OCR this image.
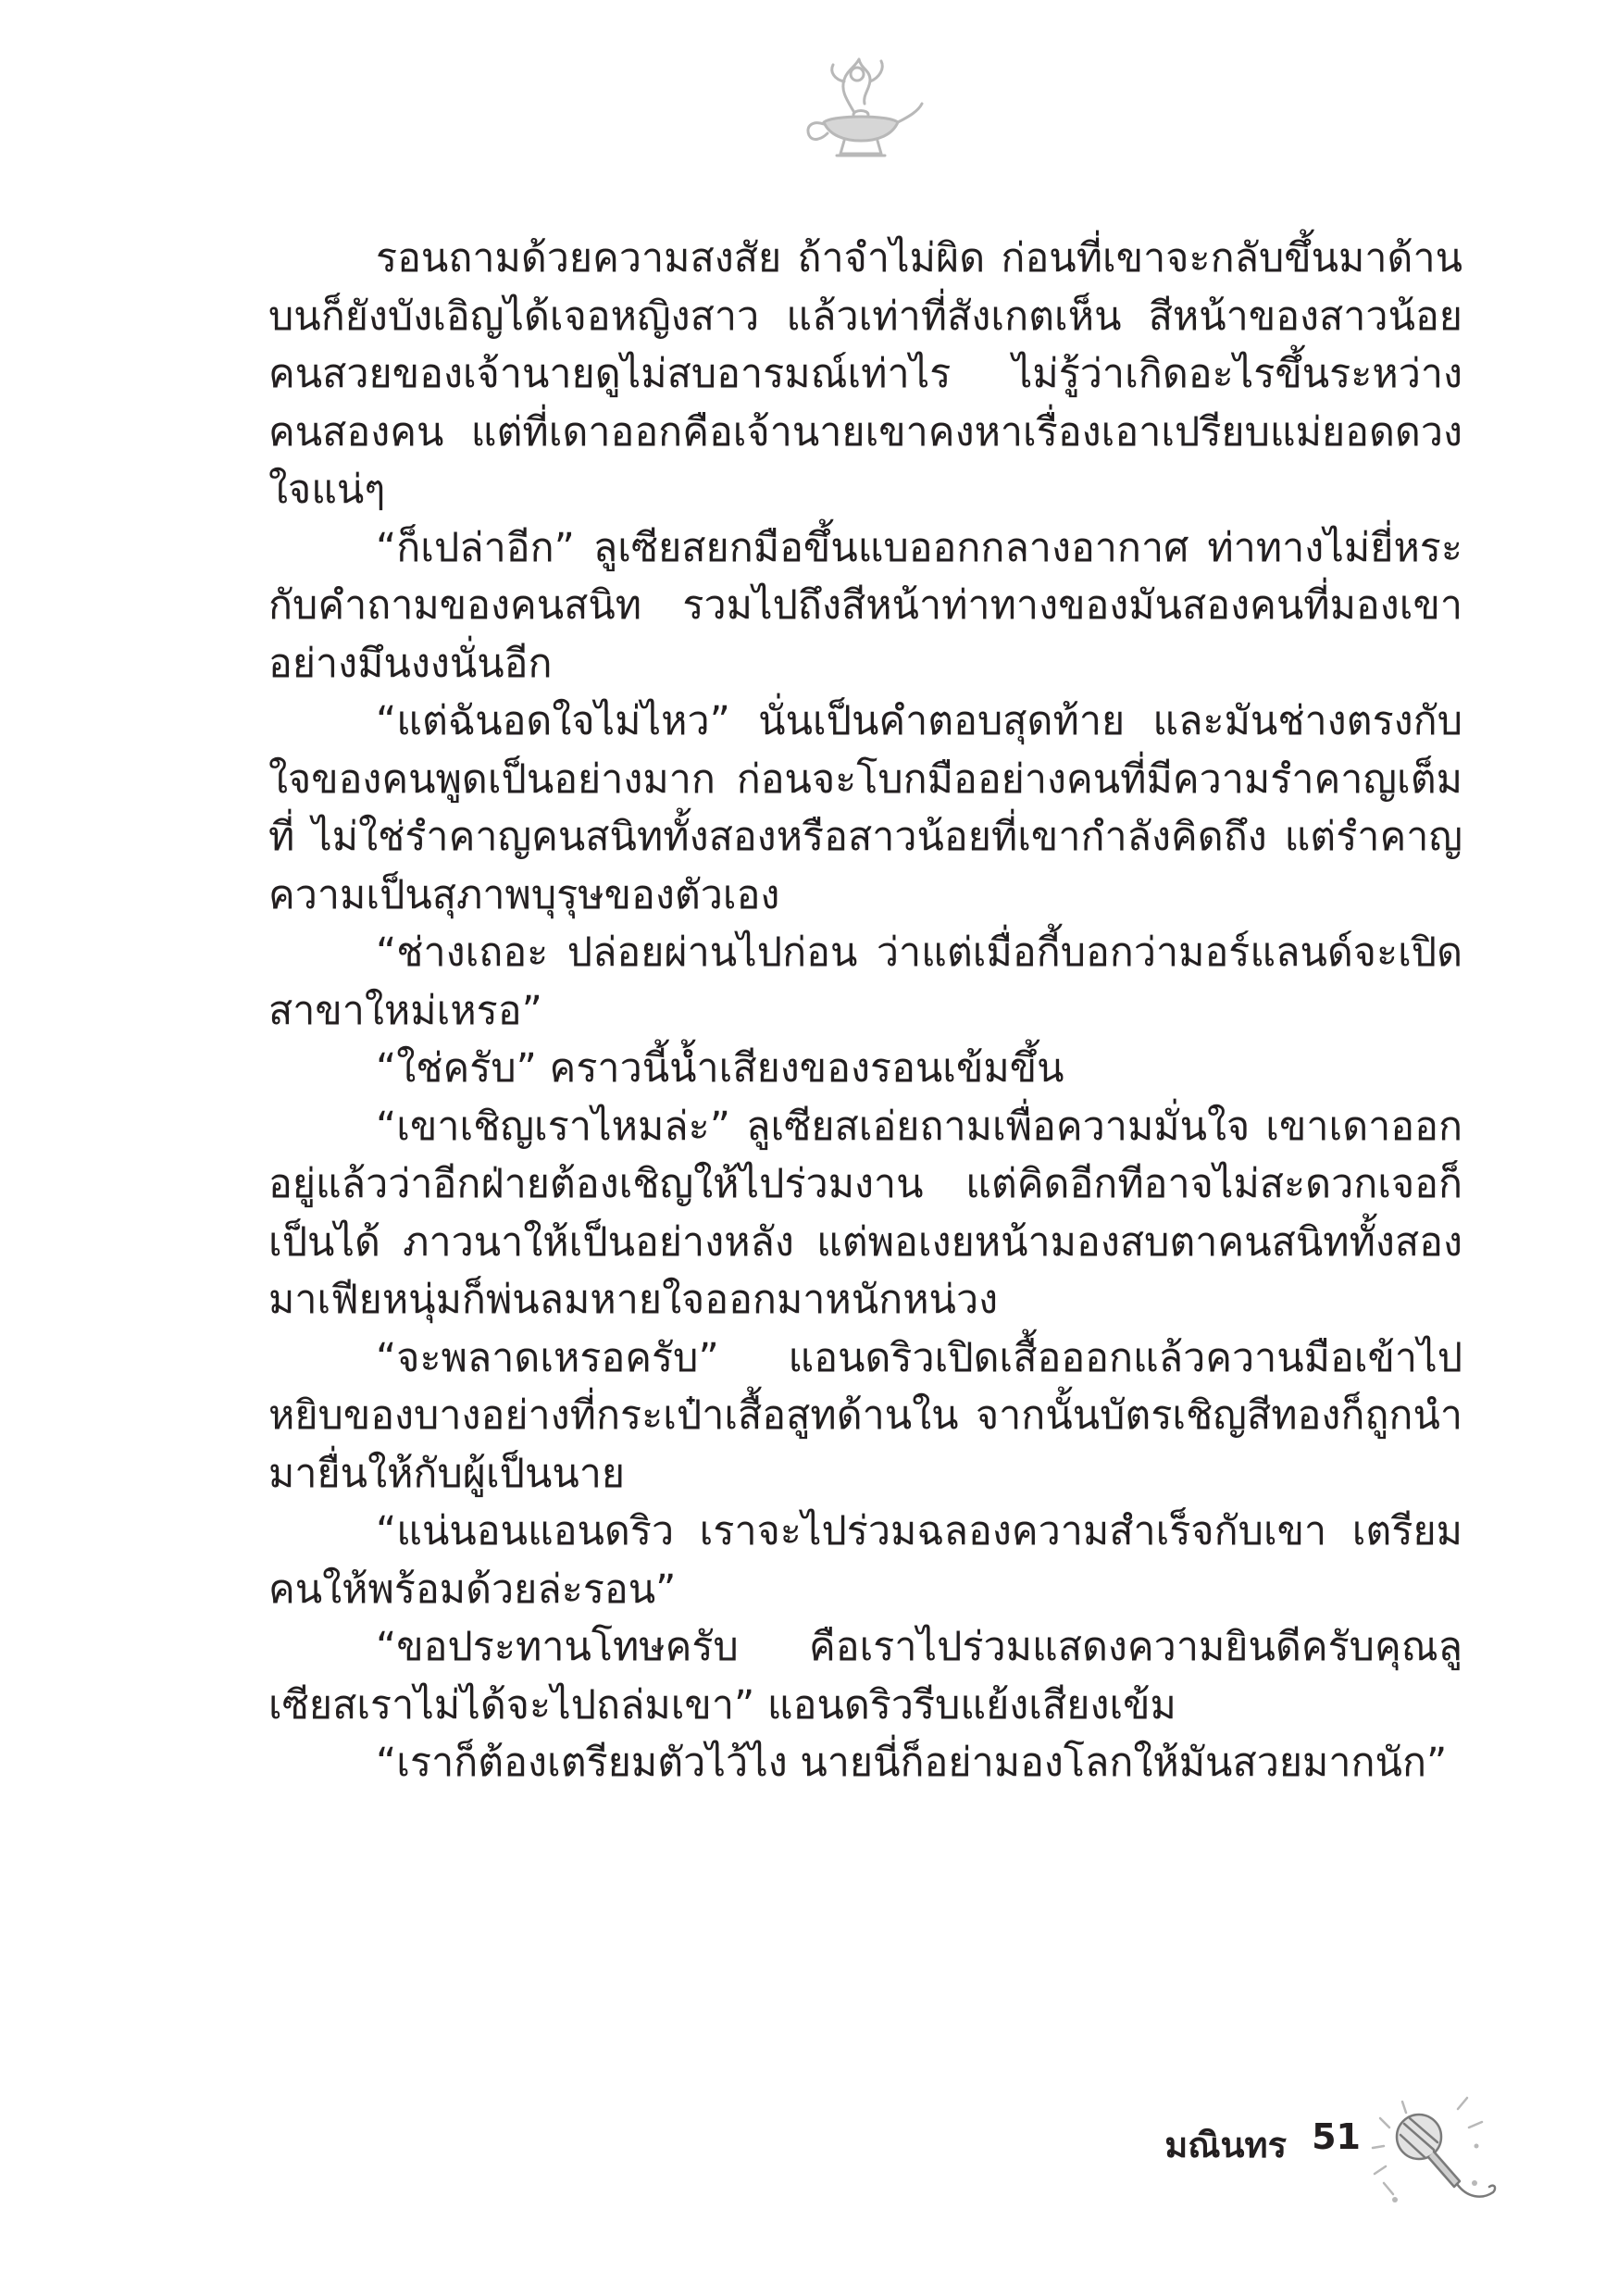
รอนถามด้วยความสงสัย ถ้าจำไม่ผิด ก่อนที่เขาจะกลับขึ้นมาด้านบนก็ยังบังเอิญได้เจอหญิงสาว แล้วเท่าที่สังเกตเห็น สีหน้าของสาวน้อยคนสวยของเจ้านายดูไม่สบอารมณ์เท่าไร ไม่รู้ว่าเกิดอะไรขึ้นระหว่างคนสองคน แต่ที่เดาออกคือเจ้านายเขาคงหาเรื่องเอาเปรียบแม่ยอดดวงใจแน่ๆ

“ก็เปล่าอีก” ลูเซียสยกมือขึ้นแบออกกลางอากาศ ท่าทางไม่ยี่หระกับคำถามของคนสนิท รวมไปถึงสีหน้าท่าทางของมันสองคนที่มองเขาอย่างมึนงงนั่นอีก

“แต่ฉันอดใจไม่ไหว” นั่นเป็นคำตอบสุดท้าย และมันช่างตรงกับใจของคนพูดเป็นอย่างมาก ก่อนจะโบกมืออย่างคนที่มีความรำคาญเต็มที่ ไม่ใช่รำคาญคนสนิททั้งสองหรือสาวน้อยที่เขากำลังคิดถึง แต่รำคาญความเป็นสุภาพบุรุษของตัวเอง

“ช่างเถอะ ปล่อยผ่านไปก่อน ว่าแต่เมื่อกี้บอกว่ามอร์แลนด์จะเปิดสาขาใหม่เหรอ”

“ใช่ครับ” คราวนี้น้ำเสียงของรอนเข้มขึ้น

“เขาเชิญเราไหมล่ะ” ลูเซียสเอ่ยถามเพื่อความมั่นใจ เขาเดาออกอยู่แล้วว่าอีกฝ่ายต้องเชิญให้ไปร่วมงาน แต่คิดอีกทีอาจไม่สะดวกเจอก็เป็นได้ ภาวนาให้เป็นอย่างหลัง แต่พอเงยหน้ามองสบตาคนสนิททั้งสอง มาเฟียหนุ่มก็พ่นลมหายใจออกมาหนักหน่วง

“จะพลาดเหรอครับ” แอนดริวเปิดเสื้อออกแล้วควานมือเข้าไปหยิบของบางอย่างที่กระเป๋าเสื้อสูทด้านใน จากนั้นบัตรเชิญสีทองก็ถูกนำมายื่นให้กับผู้เป็นนาย

“แน่นอนแอนดริว เราจะไปร่วมฉลองความสำเร็จกับเขา เตรียมคนให้พร้อมด้วยล่ะรอน”

“ขอประทานโทษครับ คือเราไปร่วมแสดงความยินดีครับคุณลูเซียสเราไม่ได้จะไปถล่มเขา” แอนดริวรีบแย้งเสียงเข้ม

“เราก็ต้องเตรียมตัวไว้ไง นายนี่ก็อย่ามองโลกให้มันสวยมากนัก”

มณินทร 51
